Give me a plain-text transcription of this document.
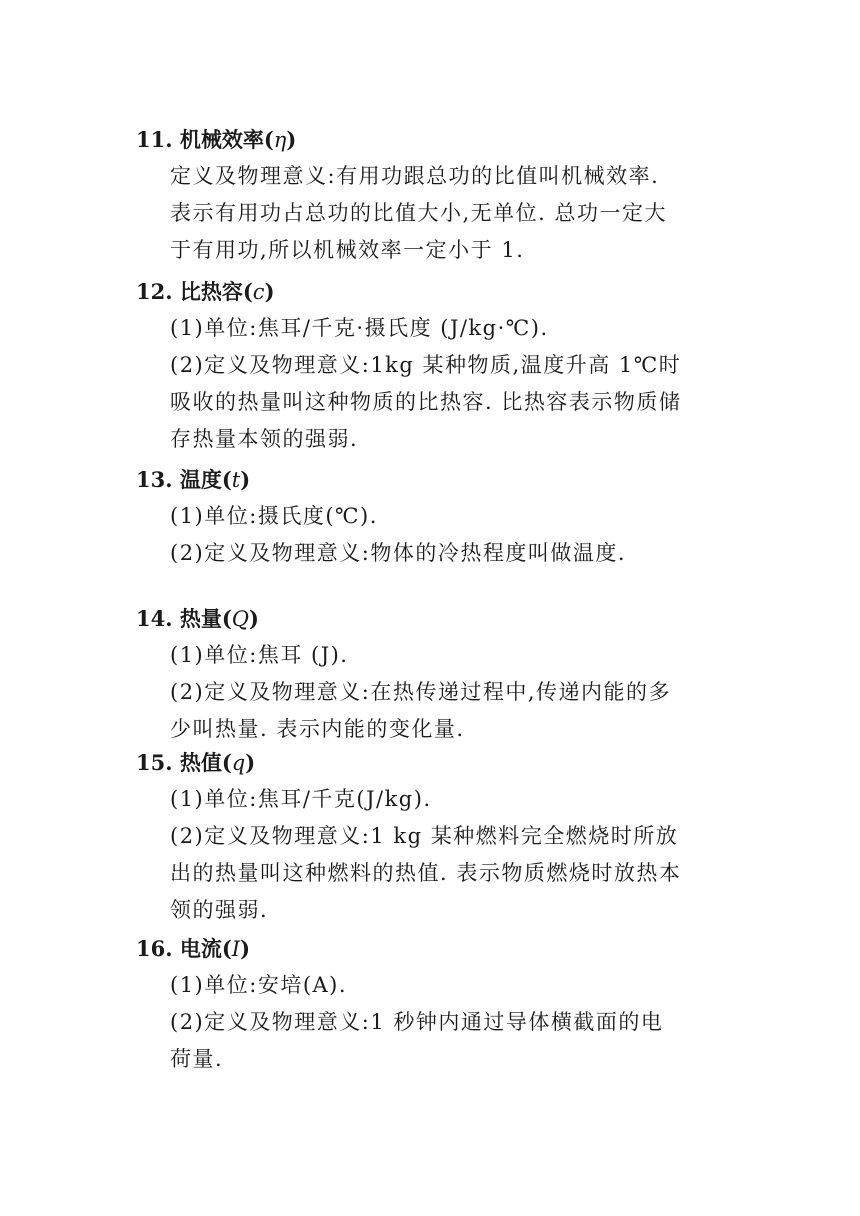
11. 机械效率(η)
定义及物理意义:有用功跟总功的比值叫机械效率.
表示有用功占总功的比值大小,无单位. 总功一定大
于有用功,所以机械效率一定小于 1.
12. 比热容(c)
(1)单位:焦耳/千克·摄氏度 (J/kg·℃).
(2)定义及物理意义:1kg 某种物质,温度升高 1℃时
吸收的热量叫这种物质的比热容. 比热容表示物质储
存热量本领的强弱.
13. 温度(t)
(1)单位:摄氏度(℃).
(2)定义及物理意义:物体的冷热程度叫做温度.
14. 热量(Q)
(1)单位:焦耳 (J).
(2)定义及物理意义:在热传递过程中,传递内能的多
少叫热量. 表示内能的变化量.
15. 热值(q)
(1)单位:焦耳/千克(J/kg).
(2)定义及物理意义:1 kg 某种燃料完全燃烧时所放
出的热量叫这种燃料的热值. 表示物质燃烧时放热本
领的强弱.
16. 电流(I)
(1)单位:安培(A).
(2)定义及物理意义:1 秒钟内通过导体横截面的电
荷量.
